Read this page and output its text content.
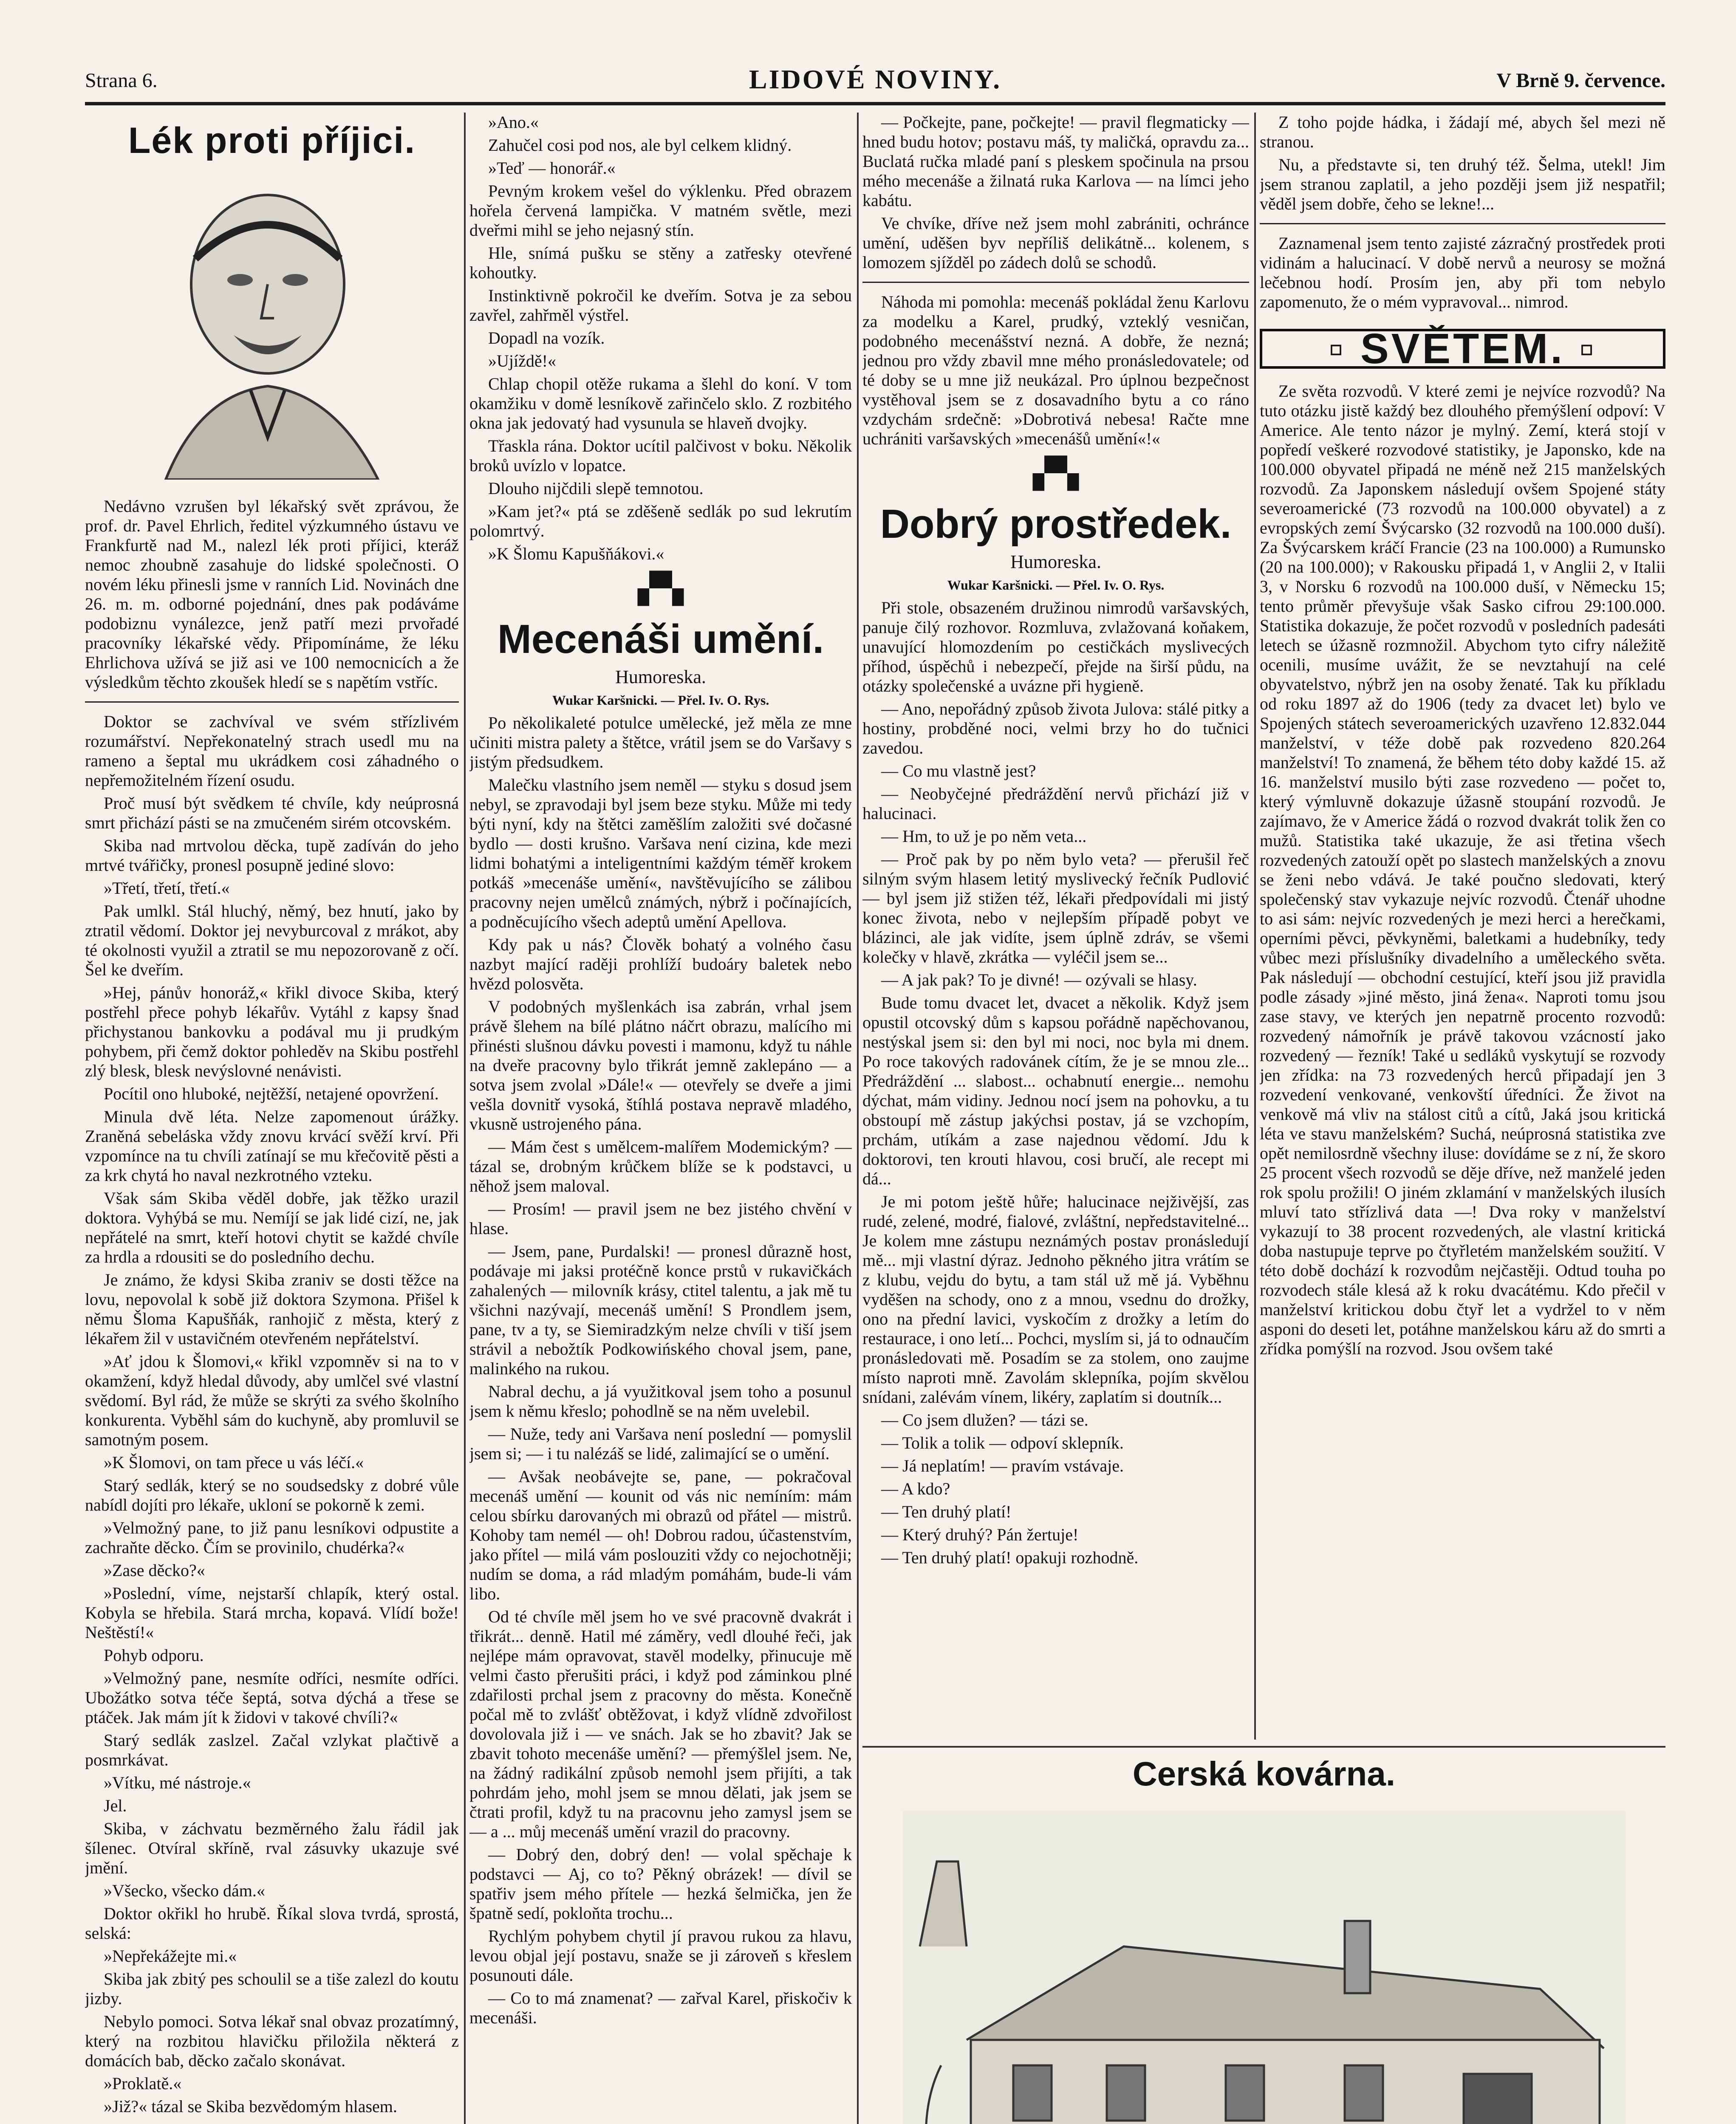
Strana 6.	LIDOVÉ NOVINY.	V Brně 9. července.
Lék proti příjici.

Nedávno vzrušen byl lékařský svět zprávou, že prof. dr. Pavel Ehrlich, ředitel výzkumného ústavu ve Frankfurtě nad M., nalezl lék proti příjici, kteráž nemoc zhoubně zasahuje do lidské společnosti. O novém léku přinesli jsme v ranních Lid. Novinách dne 26. m. m. odborné pojednání, dnes pak podáváme podobiznu vynálezce, jenž patří mezi prvořadé pracovníky lékařské vědy. Připomínáme, že léku Ehrlichova užívá se již asi ve 100 nemocnicích a že výsledkům těchto zkoušek hledí se s napětím vstříc.

Doktor se zachvíval ve svém střízlivém rozumářství. Nepřekonatelný strach usedl mu na rameno a šeptal mu ukrádkem cosi záhadného o nepřemožitelném řízení osudu.

Proč musí být svědkem té chvíle, kdy neúprosná smrt přichází pásti se na zmučeném sirém otcovském.

Skiba nad mrtvolou děcka, tupě zadíván do jeho mrtvé tvářičky, pronesl posupně jediné slovo:

»Třetí, třetí, třetí.«

Pak umlkl. Stál hluchý, němý, bez hnutí, jako by ztratil vědomí. Doktor jej nevyburcoval z mrákot, aby té okolnosti využil a ztratil se mu nepozorovaně z očí. Šel ke dveřím.

»Hej, pánův honoráž,« křikl divoce Skiba, který postřehl přece pohyb lékařův. Vytáhl z kapsy šnad přichystanou bankovku a podával mu ji prudkým pohybem, při čemž doktor pohleděv na Skibu postřehl zlý blesk, blesk nevýslovné nenávisti.

Pocítil ono hluboké, nejtěžší, netajené opovržení.

Minula dvě léta. Nelze zapomenout úrážky. Zraněná sebeláska vždy znovu krvácí svěží krví. Při vzpomínce na tu chvíli zatínají se mu křečovitě pěsti a za krk chytá ho naval nezkrotného vzteku.

Však sám Skiba věděl dobře, jak těžko urazil doktora. Vyhýbá se mu. Nemíjí se jak lidé cizí, ne, jak nepřátelé na smrt, kteří hotovi chytit se každé chvíle za hrdla a rdousiti se do posledního dechu.

Je známo, že kdysi Skiba zraniv se dosti těžce na lovu, nepovolal k sobě již doktora Szymona. Přišel k němu Šloma Kapušňák, ranhojič z města, který z lékařem žil v ustavičném otevřeném nepřátelství.

»Ať jdou k Šlomovi,« křikl vzpomněv si na to v okamžení, když hledal důvody, aby umlčel své vlastní svědomí. Byl rád, že může se skrýti za svého školního konkurenta. Vyběhl sám do kuchyně, aby promluvil se samotným posem.

»K Šlomovi, on tam přece u vás léčí.«

Starý sedlák, který se no soudsedsky z dobré vůle nabídl dojíti pro lékaře, ukloní se pokorně k zemi.

»Velmožný pane, to již panu lesníkovi odpustite a zachraňte děcko. Čím se provinilo, chudérka?«

»Zase děcko?«

»Poslední, víme, nejstarší chlapík, který ostal. Kobyla se hřebila. Stará mrcha, kopavá. Vlídí bože! Neštěstí!«

Pohyb odporu.

»Velmožný pane, nesmíte odříci, nesmíte odříci. Ubožátko sotva téče šeptá, sotva dýchá a třese se ptáček. Jak mám jít k židovi v takové chvíli?«

Starý sedlák zaslzel. Začal vzlykat plačtivě a posmrkávat.

»Vítku, mé nástroje.«

Jel.

Skiba, v záchvatu bezměrného žalu řádil jak šílenec. Otvíral skříně, rval zásuvky ukazuje své jmění.

»Všecko, všecko dám.«

Doktor okřikl ho hrubě. Říkal slova tvrdá, sprostá, selská:

»Nepřekážejte mi.«

Skiba jak zbitý pes schoulil se a tiše zalezl do koutu jizby.

Nebylo pomoci. Sotva lékař snal obvaz prozatímný, který na rozbitou hlavičku přiložila některá z domácích bab, děcko začalo skonávat.

»Proklatě.«

»Již?« tázal se Skiba bezvědomým hlasem.

»Ano.«

Zahučel cosi pod nos, ale byl celkem klidný.

»Teď — honorář.«

Pevným krokem vešel do výklenku. Před obrazem hořela červená lampička. V matném světle, mezi dveřmi mihl se jeho nejasný stín.

Hle, snímá pušku se stěny a zatřesky otevřené kohoutky.

Instinktivně pokročil ke dveřím. Sotva je za sebou zavřel, zahřměl výstřel.

Dopadl na vozík.

»Ujíždě!«

Chlap chopil otěže rukama a šlehl do koní. V tom okamžiku v domě lesníkově zařinčelo sklo. Z rozbitého okna jak jedovatý had vysunula se hlaveň dvojky.

Třaskla rána. Doktor ucítil palčivost v boku. Několik broků uvízlo v lopatce.

Dlouho nijčdili slepě temnotou.

»Kam jet?« ptá se zděšeně sedlák po sud lekrutím polomrtvý.

»K Šlomu Kapušňákovi.«

▞▚
Mecenáši umění.

Humoreska.

Wukar Karšnicki. — Přel. Iv. O. Rys.

Po několikaleté potulce umělecké, jež měla ze mne učiniti mistra palety a štětce, vrátil jsem se do Varšavy s jistým předsudkem.

Malečku vlastního jsem neměl — styku s dosud jsem nebyl, se zpravodaji byl jsem beze styku. Může mi tedy býti nyní, kdy na štětci zaměšlím založiti své dočasné bydlo — dosti krušno. Varšava není cizina, kde mezi lidmi bohatými a inteligentními každým téměř krokem potkáš »mecenáše umění«, navštěvujícího se zálibou pracovny nejen umělců známých, nýbrž i počínajících, a podněcujícího všech adeptů umění Apellova.

Kdy pak u nás? Člověk bohatý a volného času nazbyt mající raději prohlíží budoáry baletek nebo hvězd polosvěta.

V podobných myšlenkách isa zabrán, vrhal jsem právě šlehem na bílé plátno náčrt obrazu, malícího mi přinésti slušnou dávku povesti i mamonu, když tu náhle na dveře pracovny bylo třikrát jemně zaklepáno — a sotva jsem zvolal »Dále!« — otevřely se dveře a jimi vešla dovnitř vysoká, štíhlá postava nepravě mladého, vkusně ustrojeného pána.

— Mám čest s umělcem-malířem Modemickým? — tázal se, drobným krůčkem blíže se k podstavci, u něhož jsem maloval.

— Prosím! — pravil jsem ne bez jistého chvění v hlase.

— Jsem, pane, Purdalski! — pronesl důrazně host, podávaje mi jaksi protéčně konce prstů v rukavičkách zahalených — milovník krásy, ctitel talentu, a jak mě tu všichni nazývají, mecenáš umění! S Prondlem jsem, pane, tv a ty, se Siemiradzkým nelze chvíli v tiší jsem strávil a nebožtík Podkowińského choval jsem, pane, malinkého na rukou.

Nabral dechu, a já využitkoval jsem toho a posunul jsem k němu křeslo; pohodlně se na něm uvelebil.

— Nuže, tedy ani Varšava není poslední — pomyslil jsem si; — i tu nalézáš se lidé, zalimající se o umění.

— Avšak neobávejte se, pane, — pokračoval mecenáš umění — kounit od vás nic nemíním: mám celou sbírku darovaných mi obrazů od přátel — mistrů. Kohoby tam nemél — oh! Dobrou radou, účastenstvím, jako přítel — milá vám poslouziti vždy co nejochotněji; nudím se doma, a rád mladým pomáhám, bude-li vám libo.

Od té chvíle měl jsem ho ve své pracovně dvakrát i třikrát... denně. Hatil mé záměry, vedl dlouhé řeči, jak nejlépe mám opravovat, stavěl modelky, přinucuje mě velmi často přerušiti práci, i když pod záminkou plné zdařilosti prchal jsem z pracovny do města. Konečně počal mě to zvlášť obtěžovat, i když vlídně zdvořilost dovolovala již i — ve snách. Jak se ho zbavit? Jak se zbavit tohoto mecenáše umění? — přemýšlel jsem. Ne, na žádný radikální způsob nemohl jsem přijíti, a tak pohrdám jeho, mohl jsem se mnou dělati, jak jsem se čtrati profil, když tu na pracovnu jeho zamysl jsem se — a ... můj mecenáš umění vrazil do pracovny.

— Dobrý den, dobrý den! — volal spěchaje k podstavci — Aj, co to? Pěkný obrázek! — dívil se spatřiv jsem mého přítele — hezká šelmička, jen že špatně sedí, pokloňta trochu...

Rychlým pohybem chytil jí pravou rukou za hlavu, levou objal její postavu, snaže se ji zároveň s křeslem posunouti dále.

— Co to má znamenat? — zařval Karel, přiskočiv k mecenáši.

— Počkejte, pane, počkejte! — pravil flegmaticky — hned budu hotov; postavu máš, ty maličká, opravdu za... Buclatá ručka mladé paní s pleskem spočinula na prsou mého mecenáše a žilnatá ruka Karlova — na límci jeho kabátu.

Ve chvíke, dříve než jsem mohl zabrániti, ochránce umění, uděšen byv nepříliš delikátně... kolenem, s lomozem sjížděl po zádech dolů se schodů.

Náhoda mi pomohla: mecenáš pokládal ženu Karlovu za modelku a Karel, prudký, vzteklý vesničan, podobného mecenášství nezná. A dobře, že nezná; jednou pro vždy zbavil mne mého pronásledovatele; od té doby se u mne již neukázal. Pro úplnou bezpečnost vystěhoval jsem se z dosavadního bytu a co ráno vzdychám srdečně: »Dobrotivá nebesa! Račte mne uchrániti varšavských »mecenášů umění«!«

▞▚
Dobrý prostředek.

Humoreska.

Wukar Karšnicki. — Přel. Iv. O. Rys.

Při stole, obsazeném družinou nimrodů varšavských, panuje čilý rozhovor. Rozmluva, zvlažovaná koňakem, unavující hlomozdením po cestičkách myslivecých příhod, úspěchů i nebezpečí, přejde na širší půdu, na otázky společenské a uvázne při hygieně.

— Ano, nepořádný způsob života Julova: stálé pitky a hostiny, probděné noci, velmi brzy ho do tučnici zavedou.

— Co mu vlastně jest?

— Neobyčejné předráždění nervů přichází již v halucinaci.

— Hm, to už je po něm veta...

— Proč pak by po něm bylo veta? — přerušil řeč silným svým hlasem letitý myslivecký řečník Pudlović — byl jsem již stižen též, lékaři předpovídali mi jistý konec života, nebo v nejlepším případě pobyt ve blázinci, ale jak vidíte, jsem úplně zdráv, se všemi kolečky v hlavě, zkrátka — vyléčil jsem se...

— A jak pak? To je divné! — ozývali se hlasy.

Bude tomu dvacet let, dvacet a několik. Když jsem opustil otcovský dům s kapsou pořádně napěchovanou, nestýskal jsem si: den byl mi noci, noc byla mi dnem. Po roce takových radovánek cítím, že je se mnou zle... Předráždění ... slabost... ochabnutí energie... nemohu dýchat, mám vidiny. Jednou nocí jsem na pohovku, a tu obstoupí mě zástup jakýchsi postav, já se vzchopím, prchám, utíkám a zase najednou vědomí. Jdu k doktorovi, ten krouti hlavou, cosi bručí, ale recept mi dá...

Je mi potom ještě hůře; halucinace nejživější, zas rudé, zelené, modré, fialové, zvláštní, nepředstavitelné... Je kolem mne zástupu neznámých postav pronásledují mě... mji vlastní dýraz. Jednoho pěkného jitra vrátím se z klubu, vejdu do bytu, a tam stál už mě já. Vyběhnu vyděšen na schody, ono z a mnou, vsednu do drožky, ono na přední lavici, vyskočím z drožky a letím do restaurace, i ono letí... Pochci, myslím si, já to odnaučím pronásledovati mě. Posadím se za stolem, ono zaujme místo naproti mně. Zavolám sklepníka, pojím skvělou snídani, zalévám vínem, likéry, zaplatím si doutník...

— Co jsem dlužen? — tázi se.

— Tolik a tolik — odpoví sklepník.

— Já neplatím! — pravím vstávaje.

— A kdo?

— Ten druhý platí!

— Který druhý? Pán žertuje!

— Ten druhý platí! opakuji rozhodně.

Z toho pojde hádka, i žádají mé, abych šel mezi ně stranou.

Nu, a představte si, ten druhý též. Šelma, utekl! Jim jsem stranou zaplatil, a jeho později jsem již nespatřil; věděl jsem dobře, čeho se lekne!...

Zaznamenal jsem tento zajisté zázračný prostředek proti vidinám a halucinací. V době nervů a neurosy se možná lečebnou hodí. Prosím jen, aby při tom nebylo zapomenuto, že o mém vypravoval... nimrod.

▫ SVĚTEM. ▫

Ze světa rozvodů. V které zemi je nejvíce rozvodů? Na tuto otázku jistě každý bez dlouhého přemýšlení odpoví: V Americe. Ale tento názor je mylný. Zemí, která stojí v popředí veškeré rozvodové statistiky, je Japonsko, kde na 100.000 obyvatel připadá ne méně než 215 manželských rozvodů. Za Japonskem následují ovšem Spojené státy severoamerické (73 rozvodů na 100.000 obyvatel) a z evropských zemí Švýcarsko (32 rozvodů na 100.000 duší). Za Švýcarskem kráčí Francie (23 na 100.000) a Rumunsko (20 na 100.000); v Rakousku připadá 1, v Anglii 2, v Italii 3, v Norsku 6 rozvodů na 100.000 duší, v Německu 15; tento průměr převyšuje však Sasko cifrou 29:100.000. Statistika dokazuje, že počet rozvodů v posledních padesáti letech se úžasně rozmnožil. Abychom tyto cifry náležitě ocenili, musíme uvážit, že se nevztahují na celé obyvatelstvo, nýbrž jen na osoby ženaté. Tak ku příkladu od roku 1897 až do 1906 (tedy za dvacet let) bylo ve Spojených státech severoamerických uzavřeno 12.832.044 manželství, v téže době pak rozvedeno 820.264 manželství! To znamená, že během této doby každé 15. až 16. manželství musilo býti zase rozvedeno — počet to, který výmluvně dokazuje úžasně stoupání rozvodů. Je zajímavo, že v Americe žádá o rozvod dvakrát tolik žen co mužů. Statistika také ukazuje, že asi třetina všech rozvedených zatouží opět po slastech manželských a znovu se ženi nebo vdává. Je také poučno sledovati, který společenský stav vykazuje nejvíc rozvodů. Čtenář uhodne to asi sám: nejvíc rozvedených je mezi herci a herečkami, operními pěvci, pěvkyněmi, baletkami a hudebníky, tedy vůbec mezi příslušníky divadelního a uměleckého světa. Pak následují — obchodní cestující, kteří jsou již pravidla podle zásady »jiné město, jiná žena«. Naproti tomu jsou zase stavy, ve kterých jen nepatrně procento rozvodů: rozvedený námořník je právě takovou vzácností jako rozvedený — řezník! Také u sedláků vyskytují se rozvody jen zřídka: na 73 rozvedených herců připadají jen 3 rozvedení venkované, venkovští úředníci. Že život na venkově má vliv na stálost citů a cítů, Jaká jsou kritická léta ve stavu manželském? Suchá, neúprosná statistika zve opět nemilosrdně všechny iluse: dovídáme se z ní, že skoro 25 procent všech rozvodů se děje dříve, než manželé jeden rok spolu prožili! O jiném zklamání v manželských ilusích mluví tato střízlivá data —! Dva roky v manželství vykazují to 38 procent rozvedených, ale vlastní kritická doba nastupuje teprve po čtyřletém manželském soužití. V této době dochází k rozvodům nejčastěji. Odtud touha po rozvodech stále klesá až k roku dvacátému. Kdo přečil v manželství kritickou dobu čtyř let a vydržel to v něm asponi do deseti let, potáhne manželskou káru až do smrti a zřídka pomýšlí na rozvod. Jsou ovšem také

Cerská kovárna.
